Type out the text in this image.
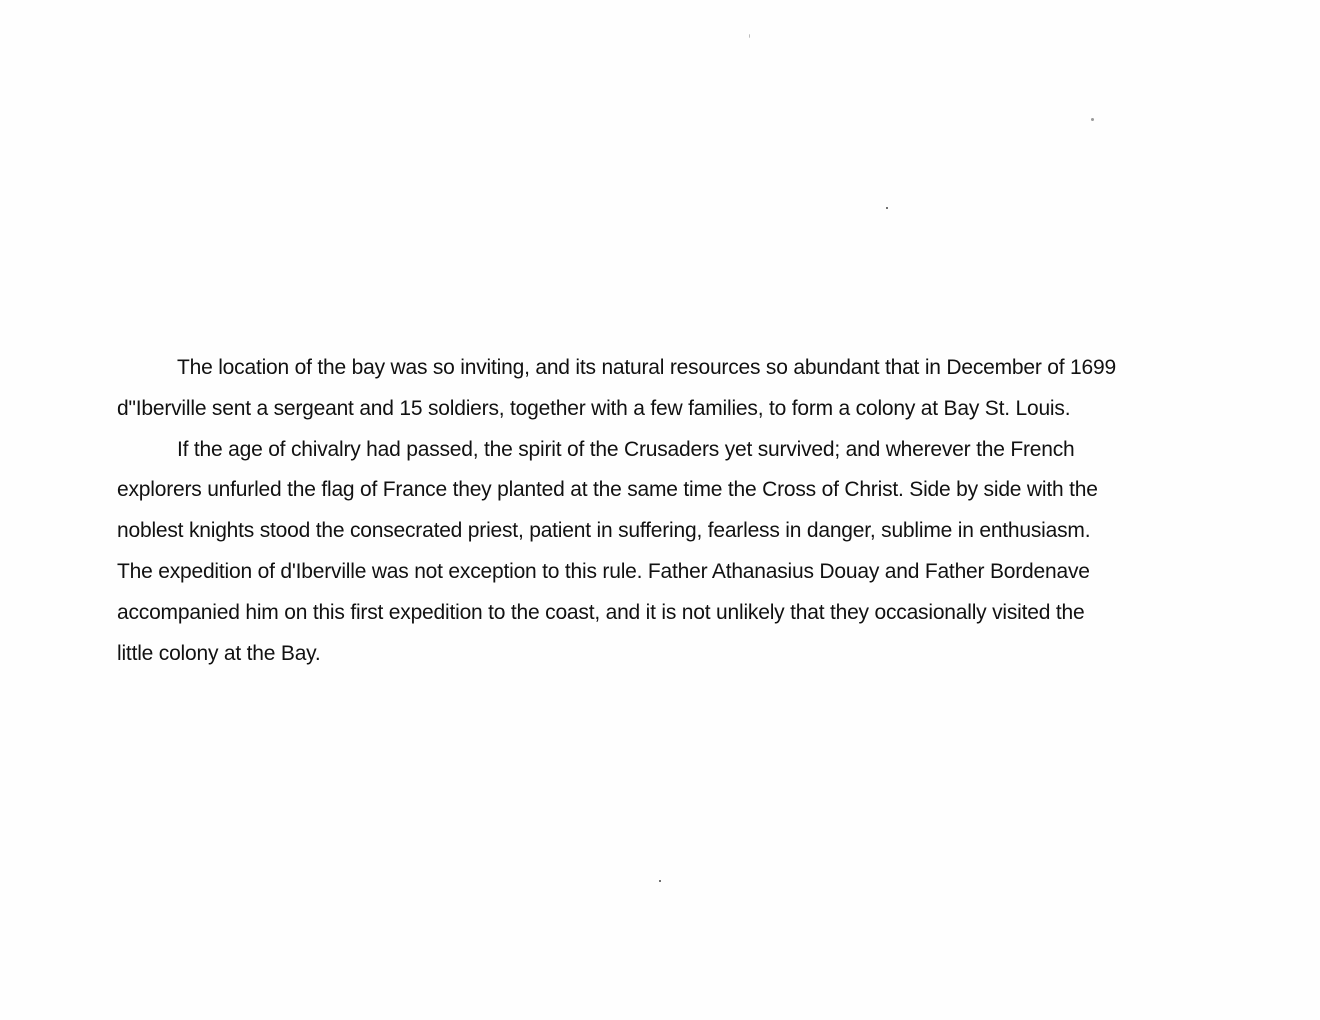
The location of the bay was so inviting, and its natural resources so abundant that in December of 1699
d"Iberville sent a sergeant and 15 soldiers, together with a few families, to form a colony at Bay St. Louis.
If the age of chivalry had passed, the spirit of the Crusaders yet survived; and wherever the French
explorers unfurled the flag of France they planted at the same time the Cross of Christ. Side by side with the
noblest knights stood the consecrated priest, patient in suffering, fearless in danger, sublime in enthusiasm.
The expedition of d'Iberville was not exception to this rule. Father Athanasius Douay and Father Bordenave
accompanied him on this first expedition to the coast, and it is not unlikely that they occasionally visited the
little colony at the Bay.
